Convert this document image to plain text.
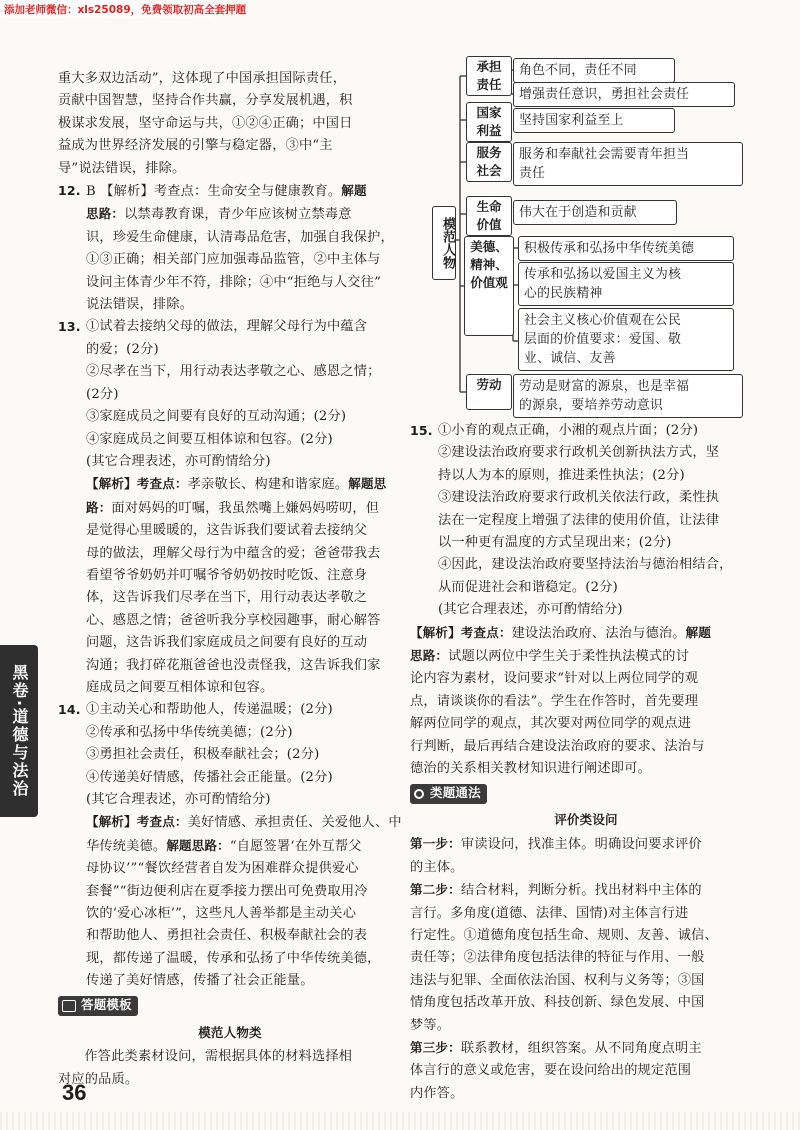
添加老师微信：xls25089，免费领取初高全套押题

重大多双边活动”，这体现了中国承担国际责任，

贡献中国智慧，坚持合作共赢，分享发展机遇，积

极谋求发展，坚守命运与共，①②④正确；中国日

益成为世界经济发展的引擎与稳定器，③中“主

导”说法错误，排除。

12. B 【解析】考查点：生命安全与健康教育。解题

思路：以禁毒教育课，青少年应该树立禁毒意

识，珍爱生命健康，认清毒品危害，加强自我保护，

①③正确；相关部门应加强毒品监管，②中主体与

设问主体青少年不符，排除；④中“拒绝与人交往”

说法错误，排除。

13. ①试着去接纳父母的做法，理解父母行为中蕴含

的爱；(2分)

②尽孝在当下，用行动表达孝敬之心、感恩之情；

(2分)

③家庭成员之间要有良好的互动沟通；(2分)

④家庭成员之间要互相体谅和包容。(2分)

(其它合理表述，亦可酌情给分)

【解析】考查点：孝亲敬长、构建和谐家庭。解题思

路：面对妈妈的叮嘱，我虽然嘴上嫌妈妈唠叨，但

是觉得心里暖暖的，这告诉我们要试着去接纳父

母的做法，理解父母行为中蕴含的爱；爸爸带我去

看望爷爷奶奶并叮嘱爷爷奶奶按时吃饭、注意身

体，这告诉我们尽孝在当下，用行动表达孝敬之

心、感恩之情；爸爸听我分享校园趣事，耐心解答

问题，这告诉我们家庭成员之间要有良好的互动

沟通；我打碎花瓶爸爸也没责怪我，这告诉我们家

庭成员之间要互相体谅和包容。

14. ①主动关心和帮助他人，传递温暖；(2分)

②传承和弘扬中华传统美德；(2分)

③勇担社会责任，积极奉献社会；(2分)

④传递美好情感，传播社会正能量。(2分)

(其它合理表述，亦可酌情给分)

【解析】考查点：美好情感、承担责任、关爱他人、中

华传统美德。解题思路：“自愿签署‘在外互帮父

母协议’”“餐饮经营者自发为困难群众提供爱心

套餐”“街边便利店在夏季接力摆出可免费取用冷

饮的‘爱心冰柜’”，这些凡人善举都是主动关心

和帮助他人、勇担社会责任、积极奉献社会的表

现，都传递了温暖，传承和弘扬了中华传统美德，

传递了美好情感，传播了社会正能量。

答题模板
模范人物类

作答此类素材设问，需根据具体的材料选择相

对应的品质。

模范人物
承担
责任
角色不同，责任不同
增强责任意识，勇担社会责任
国家
利益
坚持国家利益至上
服务
社会
服务和奉献社会需要青年担当
责任
生命
价值
伟大在于创造和贡献
美德、
精神、
价值观
积极传承和弘扬中华传统美德
传承和弘扬以爱国主义为核
心的民族精神
社会主义核心价值观在公民
层面的价值要求：爱国、敬
业、诚信、友善
劳动	劳动是财富的源泉，也是幸福
的源泉，要培养劳动意识
15. ①小育的观点正确，小湘的观点片面；(2分)

②建设法治政府要求行政机关创新执法方式，坚

持以人为本的原则，推进柔性执法；(2分)

③建设法治政府要求行政机关依法行政，柔性执

法在一定程度上增强了法律的使用价值，让法律

以一种更有温度的方式呈现出来；(2分)

④因此，建设法治政府要坚持法治与德治相结合，

从而促进社会和谐稳定。(2分)

(其它合理表述，亦可酌情给分)

【解析】考查点：建设法治政府、法治与德治。解题

思路：试题以两位中学生关于柔性执法模式的讨

论内容为素材，设问要求“针对以上两位同学的观

点，请谈谈你的看法”。学生在作答时，首先要理

解两位同学的观点，其次要对两位同学的观点进

行判断，最后再结合建设法治政府的要求、法治与

德治的关系相关教材知识进行阐述即可。

类题通法
评价类设问

第一步：审读设问，找准主体。明确设问要求评价

的主体。

第二步：结合材料，判断分析。找出材料中主体的

言行。多角度(道德、法律、国情)对主体言行进

行定性。①道德角度包括生命、规则、友善、诚信、

责任等；②法律角度包括法律的特征与作用、一般

违法与犯罪、全面依法治国、权利与义务等；③国

情角度包括改革开放、科技创新、绿色发展、中国

梦等。

第三步：联系教材，组织答案。从不同角度点明主

体言行的意义或危害，要在设问给出的规定范围

内作答。

黑卷·道德与法治
36
